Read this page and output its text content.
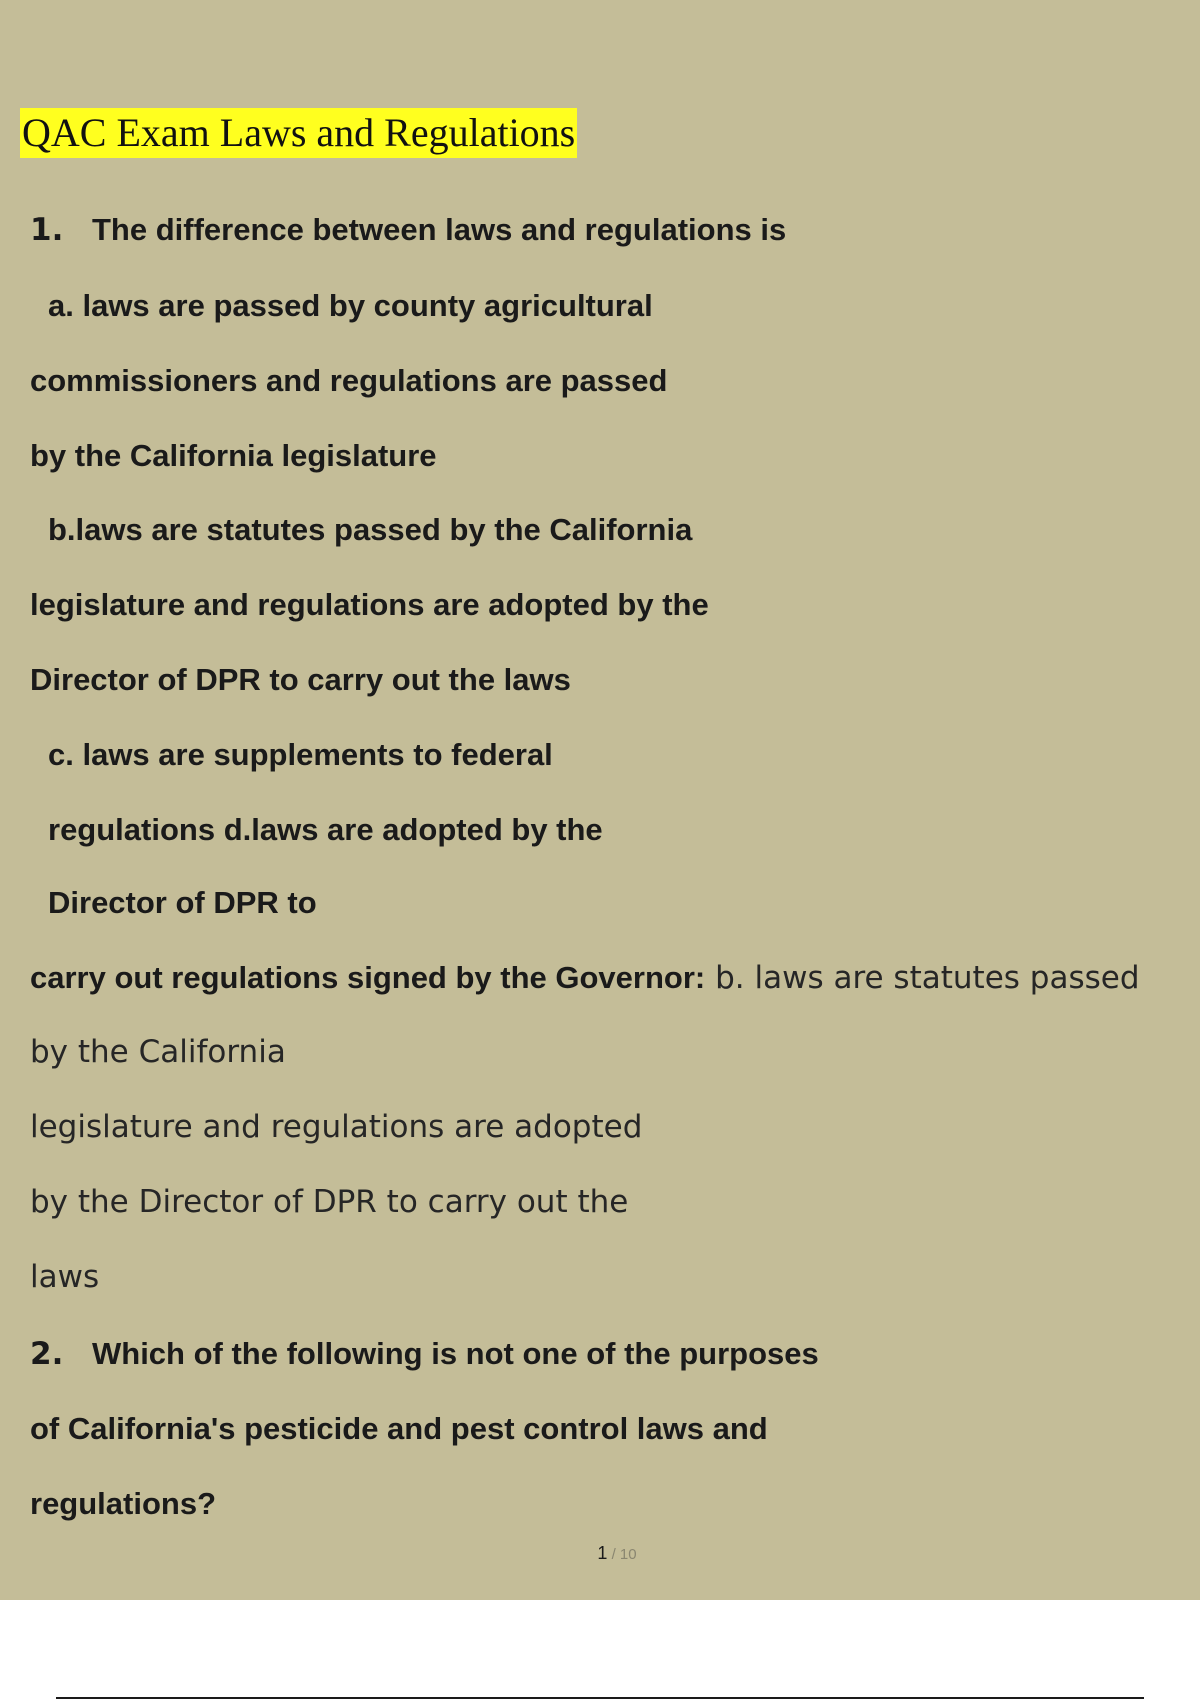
QAC Exam Laws and Regulations
1. The difference between laws and regulations is
a. laws are passed by county agricultural
commissioners and regulations are passed
by the California legislature
b.laws are statutes passed by the California
legislature and regulations are adopted by the
Director of DPR to carry out the laws
c. laws are supplements to federal
regulations d.laws are adopted by the
Director of DPR to
carry out regulations signed by the Governor: b. laws are statutes passed
by the California
legislature and regulations are adopted
by the Director of DPR to carry out the
laws
2. Which of the following is not one of the purposes
of California's pesticide and pest control laws and
regulations?
1 / 10
